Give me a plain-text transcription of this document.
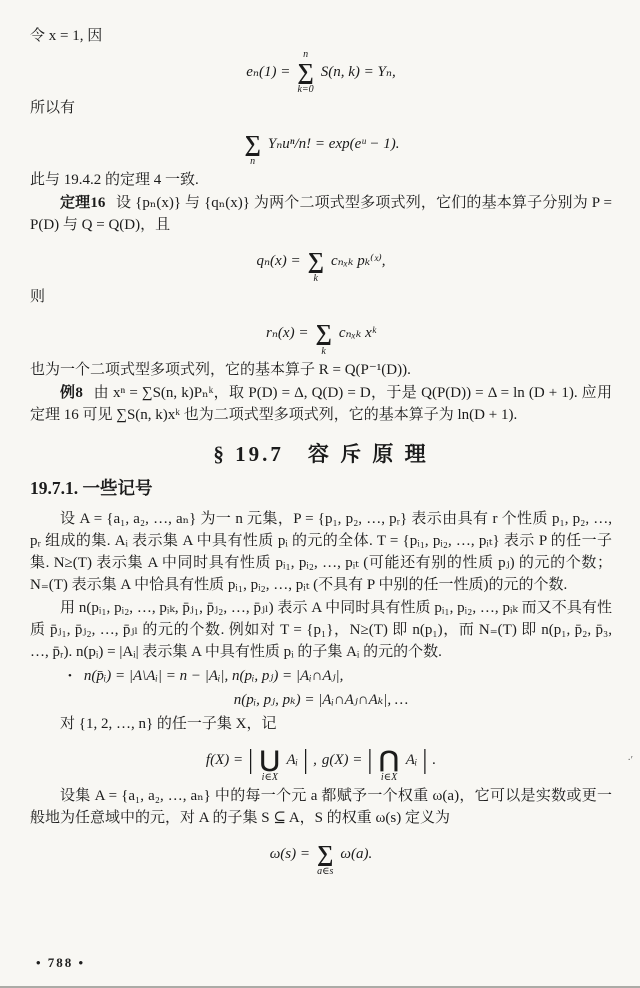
令 x = 1, 因
eₙ(1) =
n
∑
k=0
S(n, k) = Yₙ,
所以有
∑
n
Yₙuⁿ/n! = exp(eᵘ − 1).
此与 19.4.2 的定理 4 一致.
定理16 设 {pₙ(x)} 与 {qₙ(x)} 为两个二项式型多项式列，它们的基本算子分别为 P = P(D) 与 Q = Q(D)，且
qₙ(x) = ∑
k
cₙₓₖ pₖ⁽ˣ⁾,
则
rₙ(x) = ∑
k
cₙₓₖ xᵏ
也为一个二项式型多项式列，它的基本算子 R = Q(P⁻¹(D)).
例8 由 xⁿ = ∑S(n, k)Pₙᵏ，取 P(D) = Δ, Q(D) = D，于是 Q(P(D)) = Δ = ln (D + 1). 应用定理 16 可见 ∑S(n, k)xᵏ 也为二项式型多项式列，它的基本算子为 ln(D + 1).
§ 19.7　容 斥 原 理
19.7.1. 一些记号
设 A = {a₁, a₂, …, aₙ} 为一 n 元集，P = {p₁, p₂, …, pᵣ} 表示由具有 r 个性质 p₁, p₂, …, pᵣ 组成的集. Aᵢ 表示集 A 中具有性质 pᵢ 的元的全体. T = {pᵢ₁, pᵢ₂, …, pᵢₜ} 表示 P 的任一子集. N≥(T) 表示集 A 中同时具有性质 pᵢ₁, pᵢ₂, …, pᵢₜ (可能还有别的性质 pⱼ) 的元的个数；N₌(T) 表示集 A 中恰具有性质 pᵢ₁, pᵢ₂, …, pᵢₜ (不具有 P 中别的任一性质)的元的个数.
用 n(pᵢ₁, pᵢ₂, …, pᵢₖ, p̄ⱼ₁, p̄ⱼ₂, …, p̄ⱼₗ) 表示 A 中同时具有性质 pᵢ₁, pᵢ₂, …, pᵢₖ 而又不具有性质 p̄ⱼ₁, p̄ⱼ₂, …, p̄ⱼₗ 的元的个数. 例如对 T = {p₁}，N≥(T) 即 n(p₁)，而 N₌(T) 即 n(p₁, p̄₂, p̄₃, …, p̄ᵣ). n(pᵢ) = |Aᵢ| 表示集 A 中具有性质 pᵢ 的子集 Aᵢ 的元的个数.
• n(p̄ᵢ) = |A\Aᵢ| = n − |Aᵢ|, n(pᵢ, pⱼ) = |Aᵢ∩Aⱼ|,
n(pᵢ, pⱼ, pₖ) = |Aᵢ∩Aⱼ∩Aₖ|, …
对 {1, 2, …, n} 的任一子集 X，记
f(X) = | ⋃
i∈X
Aᵢ | , g(X) = | ⋂
i∈X
Aᵢ | .
设集 A = {a₁, a₂, …, aₙ} 中的每一个元 a 都赋予一个权重 ω(a)，它可以是实数或更一般地为任意域中的元，对 A 的子集 S ⊆ A，S 的权重 ω(s) 定义为
ω(s) = ∑
a∈s
ω(a).
• 788 •
·ʹ
